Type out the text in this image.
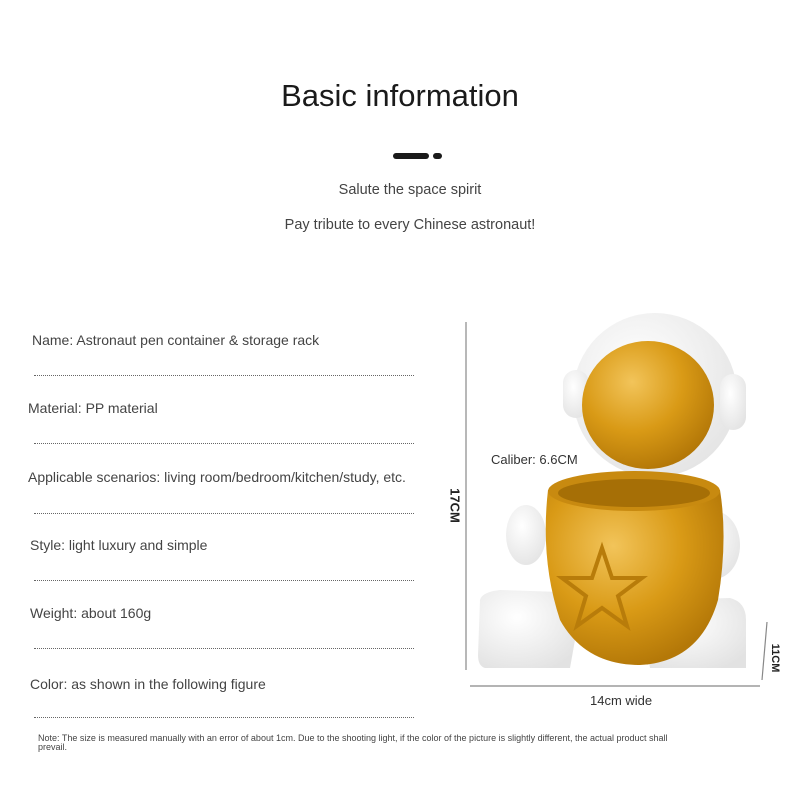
Basic information
Salute the space spirit
Pay tribute to every Chinese astronaut!
Name: Astronaut pen container & storage rack
Material: PP material
Applicable scenarios: living room/bedroom/kitchen/study, etc.
Style: light luxury and simple
Weight: about 160g
Color: as shown in the following figure
Note: The size is measured manually with an error of about 1cm. Due to the shooting light, if the color of the picture is slightly different, the actual product shall prevail.
Caliber: 6.6CM
17CM
14cm wide
11CM
